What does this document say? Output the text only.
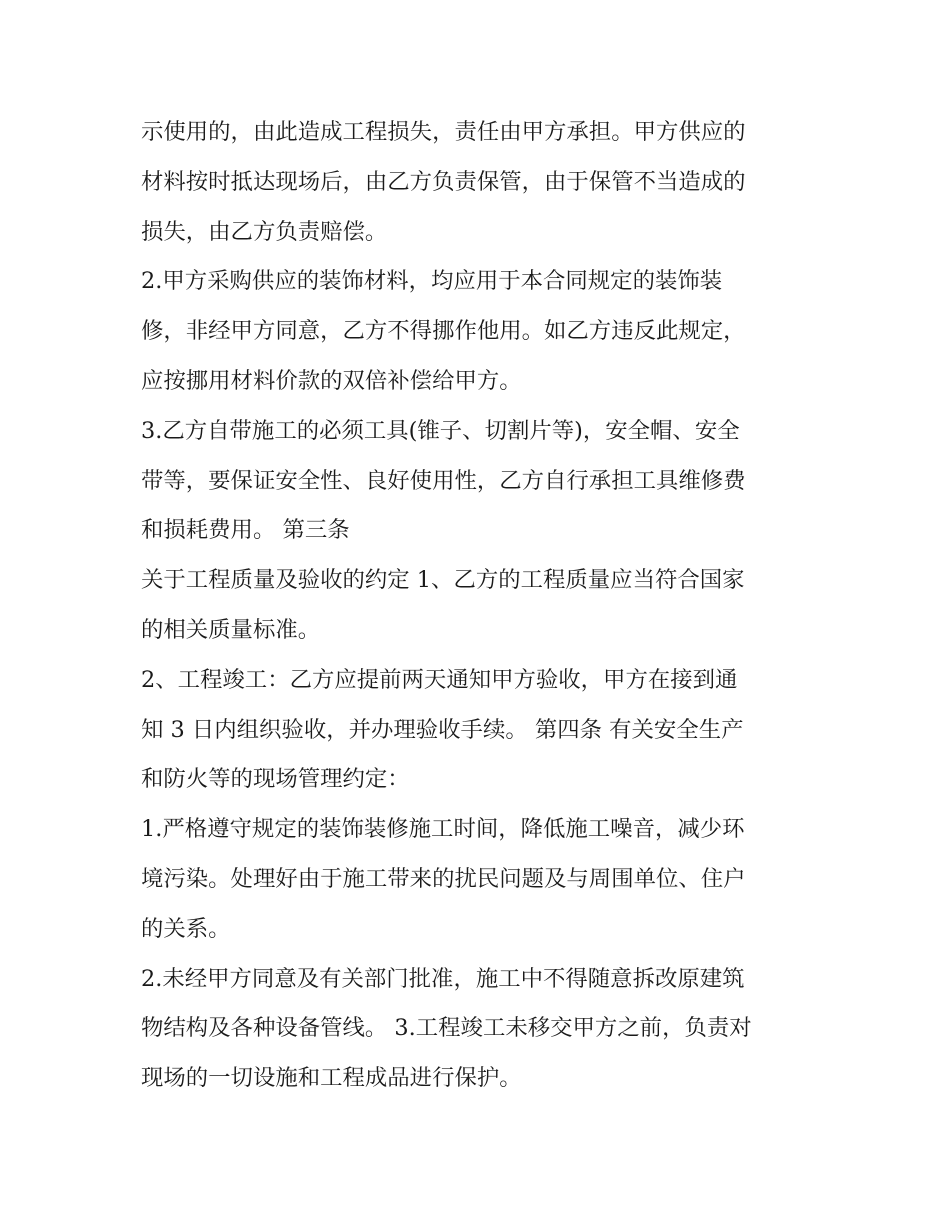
示使用的，由此造成工程损失，责任由甲方承担。甲方供应的
材料按时抵达现场后，由乙方负责保管，由于保管不当造成的
损失，由乙方负责赔偿。
2.甲方采购供应的装饰材料，均应用于本合同规定的装饰装
修，非经甲方同意，乙方不得挪作他用。如乙方违反此规定，
应按挪用材料价款的双倍补偿给甲方。
3.乙方自带施工的必须工具(锥子、切割片等)，安全帽、安全
带等，要保证安全性、良好使用性，乙方自行承担工具维修费
和损耗费用。 第三条
关于工程质量及验收的约定 1、乙方的工程质量应当符合国家
的相关质量标准。
2、工程竣工：乙方应提前两天通知甲方验收，甲方在接到通
知 3 日内组织验收，并办理验收手续。 第四条 有关安全生产
和防火等的现场管理约定：
1.严格遵守规定的装饰装修施工时间，降低施工噪音，减少环
境污染。处理好由于施工带来的扰民问题及与周围单位、住户
的关系。
2.未经甲方同意及有关部门批准，施工中不得随意拆改原建筑
物结构及各种设备管线。 3.工程竣工未移交甲方之前，负责对
现场的一切设施和工程成品进行保护。
